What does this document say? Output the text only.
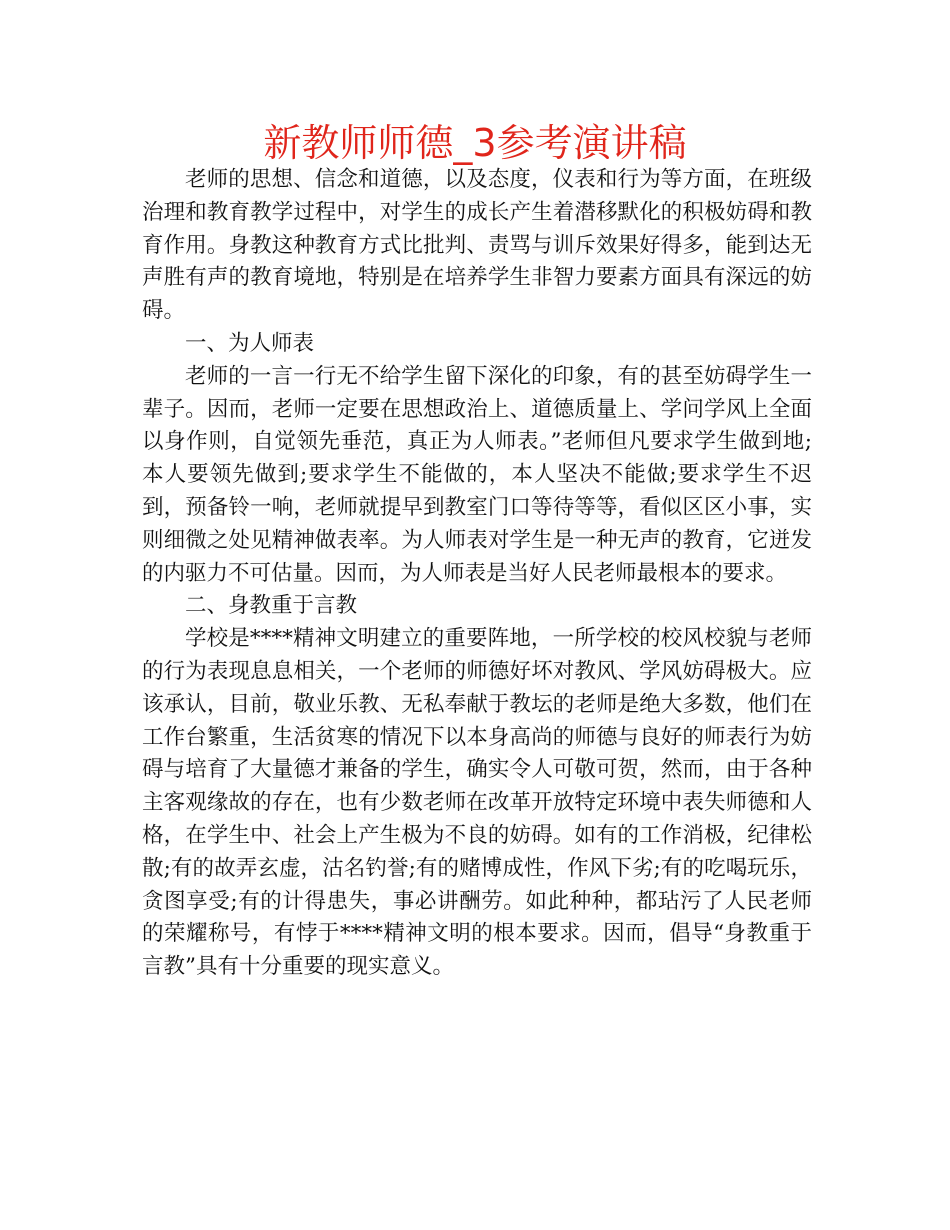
新教师师德_3参考演讲稿

老师的思想、信念和道德，以及态度，仪表和行为等方面，在班级治理和教育教学过程中，对学生的成长产生着潜移默化的积极妨碍和教育作用。身教这种教育方式比批判、责骂与训斥效果好得多，能到达无声胜有声的教育境地，特别是在培养学生非智力要素方面具有深远的妨碍。

一、为人师表

老师的一言一行无不给学生留下深化的印象，有的甚至妨碍学生一辈子。因而，老师一定要在思想政治上、道德质量上、学问学风上全面以身作则，自觉领先垂范，真正为人师表。”老师但凡要求学生做到地;本人要领先做到;要求学生不能做的，本人坚决不能做;要求学生不迟到，预备铃一响，老师就提早到教室门口等待等等，看似区区小事，实则细微之处见精神做表率。为人师表对学生是一种无声的教育，它迸发的内驱力不可估量。因而，为人师表是当好人民老师最根本的要求。

二、身教重于言教

学校是****精神文明建立的重要阵地，一所学校的校风校貌与老师的行为表现息息相关，一个老师的师德好坏对教风、学风妨碍极大。应该承认，目前，敬业乐教、无私奉献于教坛的老师是绝大多数，他们在工作台繁重，生活贫寒的情况下以本身高尚的师德与良好的师表行为妨碍与培育了大量德才兼备的学生，确实令人可敬可贺，然而，由于各种主客观缘故的存在，也有少数老师在改革开放特定环境中表失师德和人格，在学生中、社会上产生极为不良的妨碍。如有的工作消极，纪律松散;有的故弄玄虚，沽名钓誉;有的赌博成性，作风下劣;有的吃喝玩乐，贪图享受;有的计得患失，事必讲酬劳。如此种种，都玷污了人民老师的荣耀称号，有悖于****精神文明的根本要求。因而，倡导“身教重于言教”具有十分重要的现实意义。
